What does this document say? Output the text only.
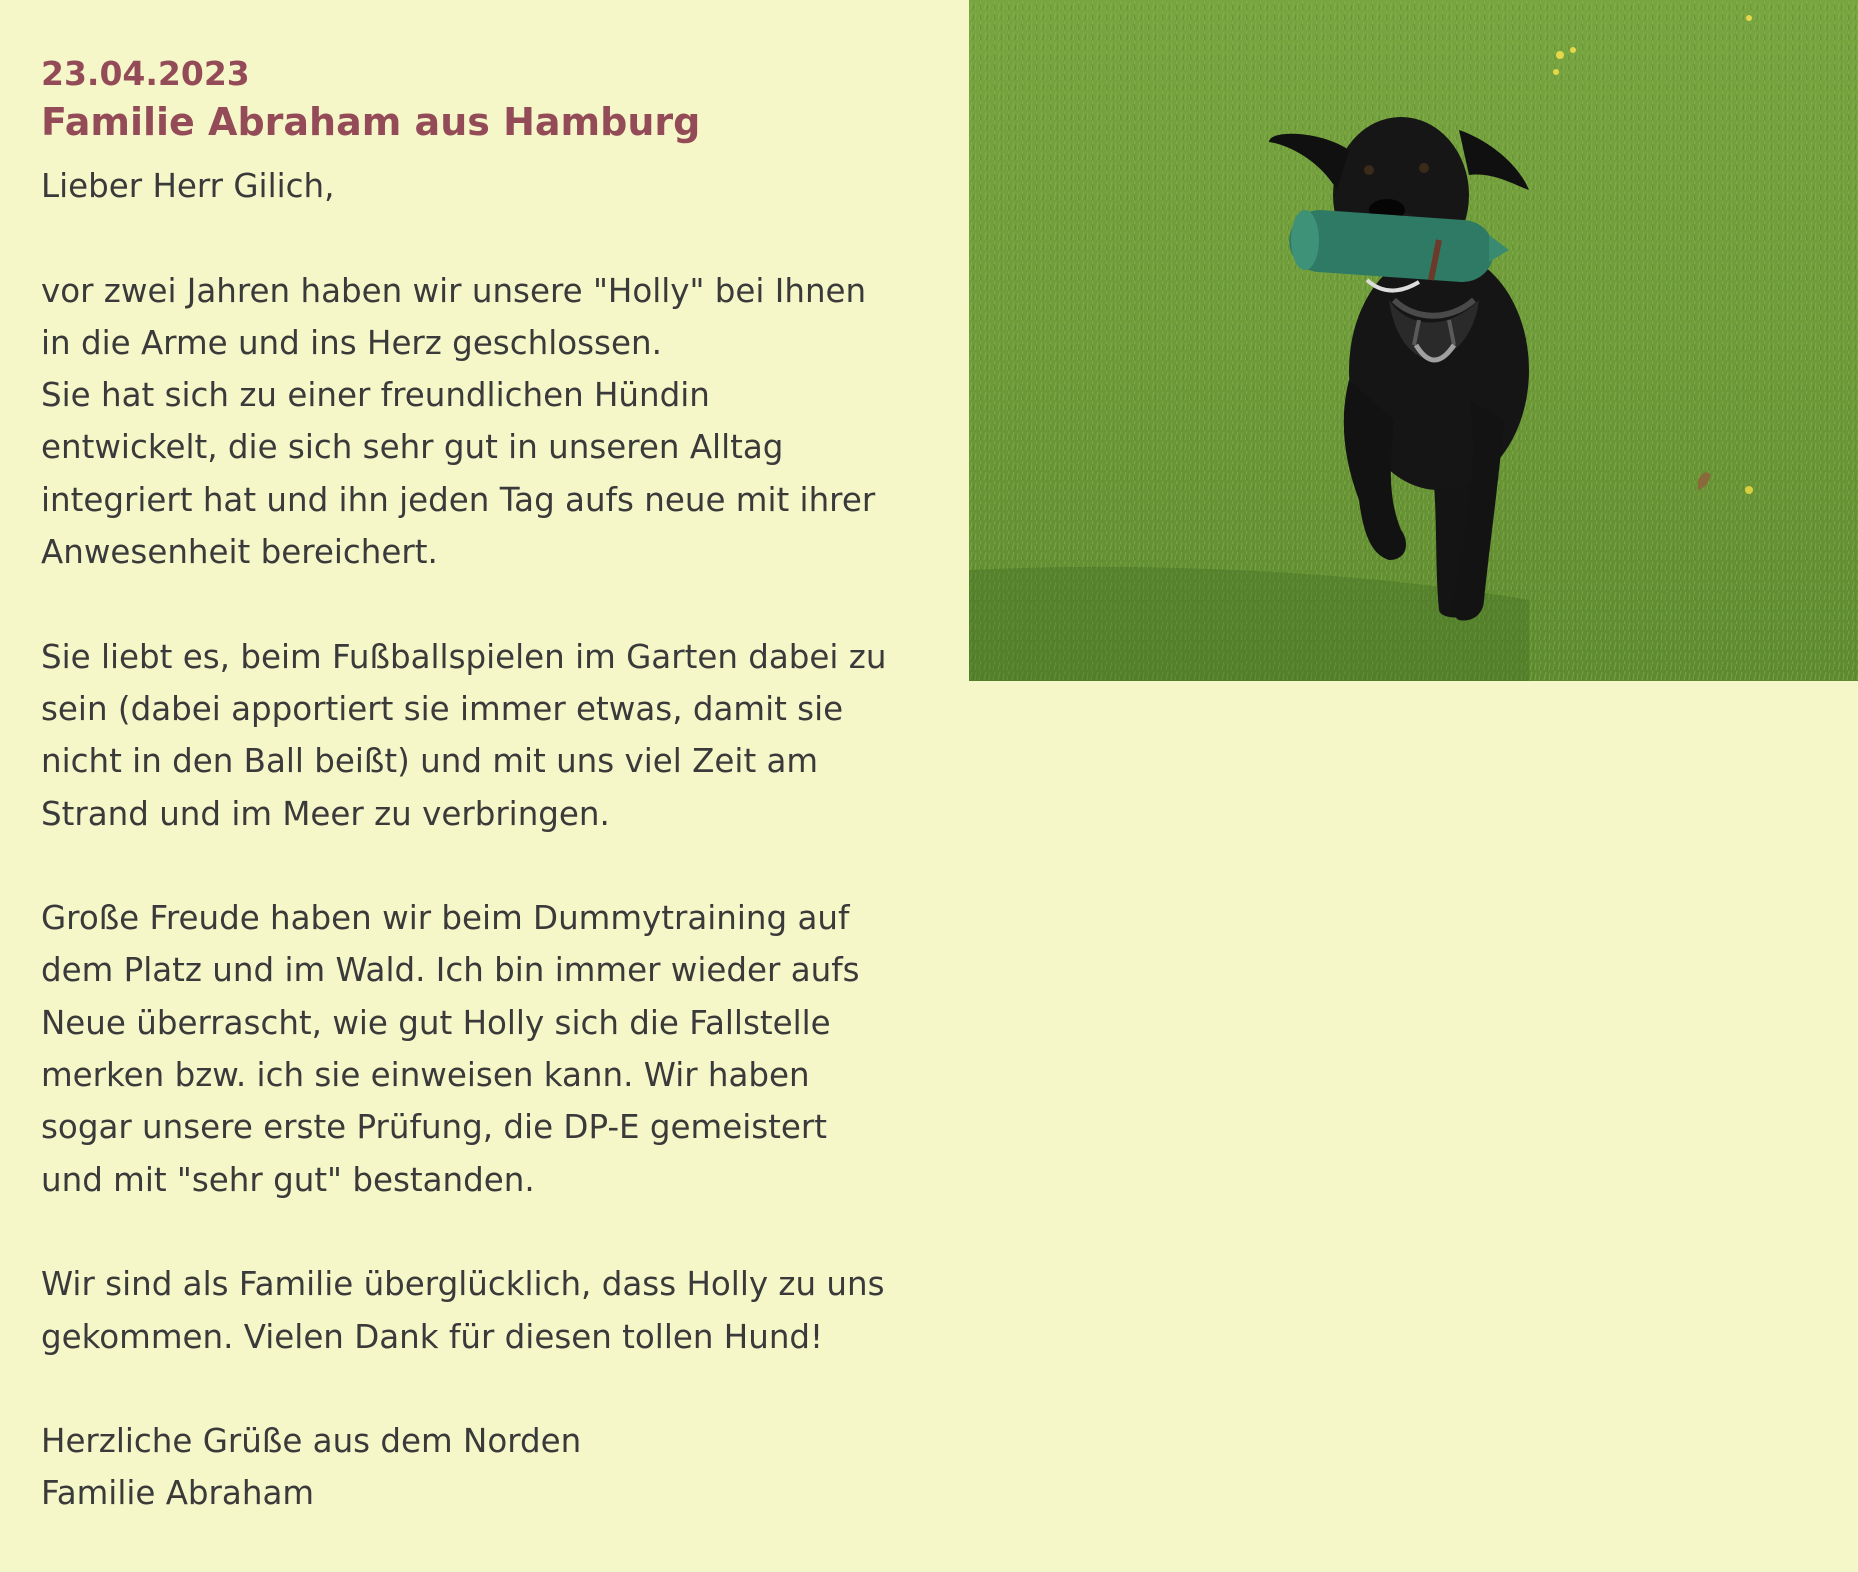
23.04.2023
Familie Abraham aus Hamburg
Lieber Herr Gilich,
vor zwei Jahren haben wir unsere "Holly" bei Ihnen
in die Arme und ins Herz geschlossen.
Sie hat sich zu einer freundlichen Hündin
entwickelt, die sich sehr gut in unseren Alltag
integriert hat und ihn jeden Tag aufs neue mit ihrer
Anwesenheit bereichert.
Sie liebt es, beim Fußballspielen im Garten dabei zu
sein (dabei apportiert sie immer etwas, damit sie
nicht in den Ball beißt) und mit uns viel Zeit am
Strand und im Meer zu verbringen.
Große Freude haben wir beim Dummytraining auf
dem Platz und im Wald. Ich bin immer wieder aufs
Neue überrascht, wie gut Holly sich die Fallstelle
merken bzw. ich sie einweisen kann. Wir haben
sogar unsere erste Prüfung, die DP-E gemeistert
und mit "sehr gut" bestanden.
Wir sind als Familie überglücklich, dass Holly zu uns
gekommen. Vielen Dank für diesen tollen Hund!
Herzliche Grüße aus dem Norden
Familie Abraham
